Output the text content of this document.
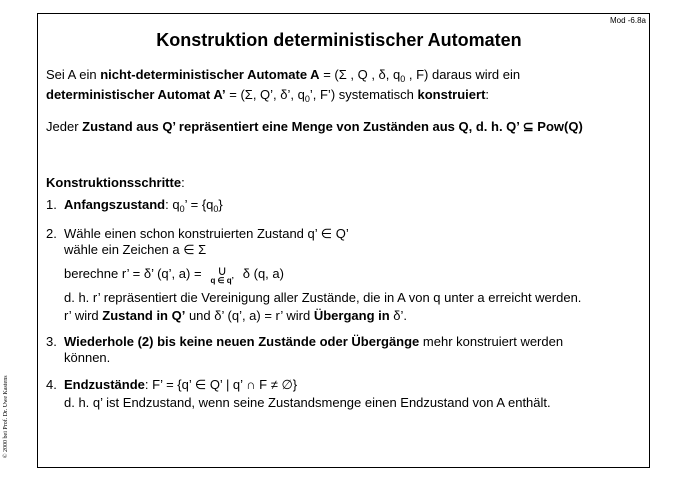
Mod -6.8a
Konstruktion deterministischer Automaten
Sei A ein nicht-deterministischer Automate A = (Σ , Q , δ, $q_0$ , F) daraus wird ein
deterministischer Automat A’ = (Σ, Q’, δ’, $q_0$’, F’) systematisch konstruiert:
Jeder Zustand aus Q’ repräsentiert eine Menge von Zuständen aus Q, d. h. Q’ ⊆ Pow(Q)
Konstruktionsschritte:
1. Anfangszustand: $q_0$’ = $\{q_0\}$
2. Wähle einen schon konstruierten Zustand q’ ∈ Q’
wähle ein Zeichen a ∈ Σ
berechne r’ = δ’ (q’, a) = ∪
q ∈ q’ δ (q, a)
d. h. r’ repräsentiert die Vereinigung aller Zustände, die in A von q unter a erreicht werden.
r’ wird Zustand in Q’ und δ’ (q’, a) = r’ wird Übergang in δ’.
3. Wiederhole (2) bis keine neuen Zustände oder Übergänge mehr konstruiert werden
können.
4. Endzustände: F’ = {q’ ∈ Q’ | q’ ∩ F ≠ ∅}
d. h. q’ ist Endzustand, wenn seine Zustandsmenge einen Endzustand von A enthält.
© 2000 bei Prof. Dr. Uwe Kastens
